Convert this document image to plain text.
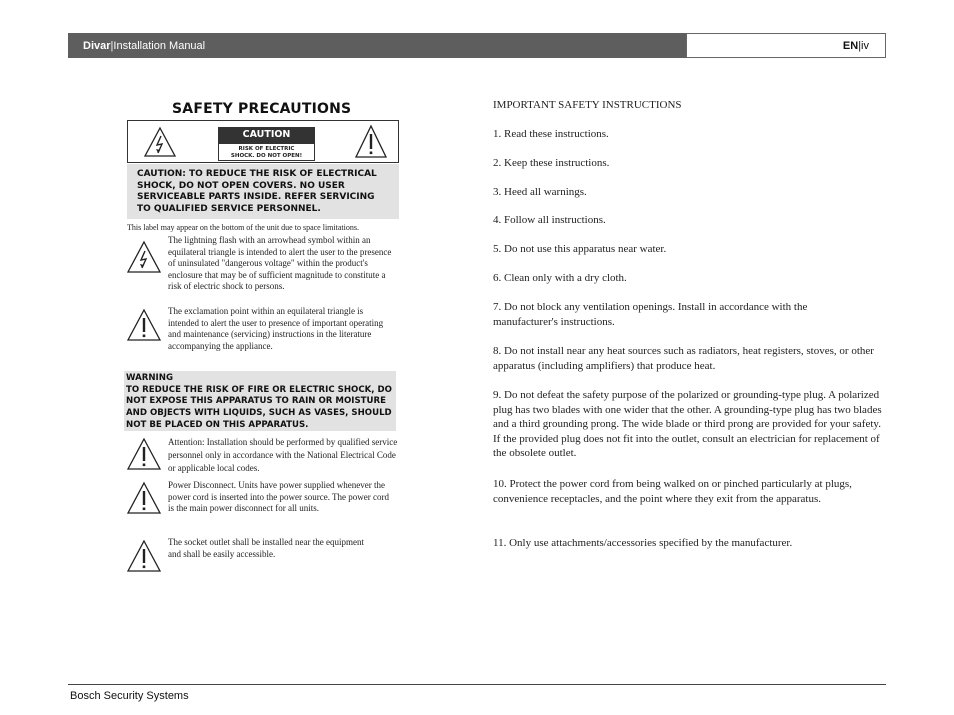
Divar | Installation Manual	EN | iv
SAFETY PRECAUTIONS
CAUTION
RISK OF ELECTRIC
SHOCK. DO NOT OPEN!
CAUTION: TO REDUCE THE RISK OF ELECTRICAL SHOCK, DO NOT OPEN COVERS. NO USER SERVICEABLE PARTS INSIDE. REFER SERVICING TO QUALIFIED SERVICE PERSONNEL.
This label may appear on the bottom of the unit due to space limitations.
The lightning flash with an arrowhead symbol within an equilateral triangle is intended to alert the user to the presence of uninsulated "dangerous voltage" within the product's enclosure that may be of sufficient magnitude to constitute a risk of electric shock to persons.
The exclamation point within an equilateral triangle is intended to alert the user to presence of important operating and maintenance (servicing) instructions in the literature accompanying the appliance.
WARNING
TO REDUCE THE RISK OF FIRE OR ELECTRIC SHOCK, DO NOT EXPOSE THIS APPARATUS TO RAIN OR MOISTURE AND OBJECTS WITH LIQUIDS, SUCH AS VASES, SHOULD NOT BE PLACED ON THIS APPARATUS.
Attention: Installation should be performed by qualified service personnel only in accordance with the National Electrical Code or applicable local codes.
Power Disconnect. Units have power supplied whenever the power cord is inserted into the power source. The power cord is the main power disconnect for all units.
The socket outlet shall be installed near the equipment and shall be easily accessible.
IMPORTANT SAFETY INSTRUCTIONS
1. Read these instructions.
2. Keep these instructions.
3. Heed all warnings.
4. Follow all instructions.
5. Do not use this apparatus near water.
6. Clean only with a dry cloth.
7. Do not block any ventilation openings. Install in accordance with the manufacturer's instructions.
8. Do not install near any heat sources such as radiators, heat registers, stoves, or other apparatus (including amplifiers) that produce heat.
9. Do not defeat the safety purpose of the polarized or grounding-type plug. A polarized plug has two blades with one wider that the other. A grounding-type plug has two blades and a third grounding prong. The wide blade or third prong are provided for your safety. If the provided plug does not fit into the outlet, consult an electrician for replacement of the obsolete outlet.
10. Protect the power cord from being walked on or pinched particularly at plugs, convenience receptacles, and the point where they exit from the apparatus.
11. Only use attachments/accessories specified by the manufacturer.
Bosch Security Systems
